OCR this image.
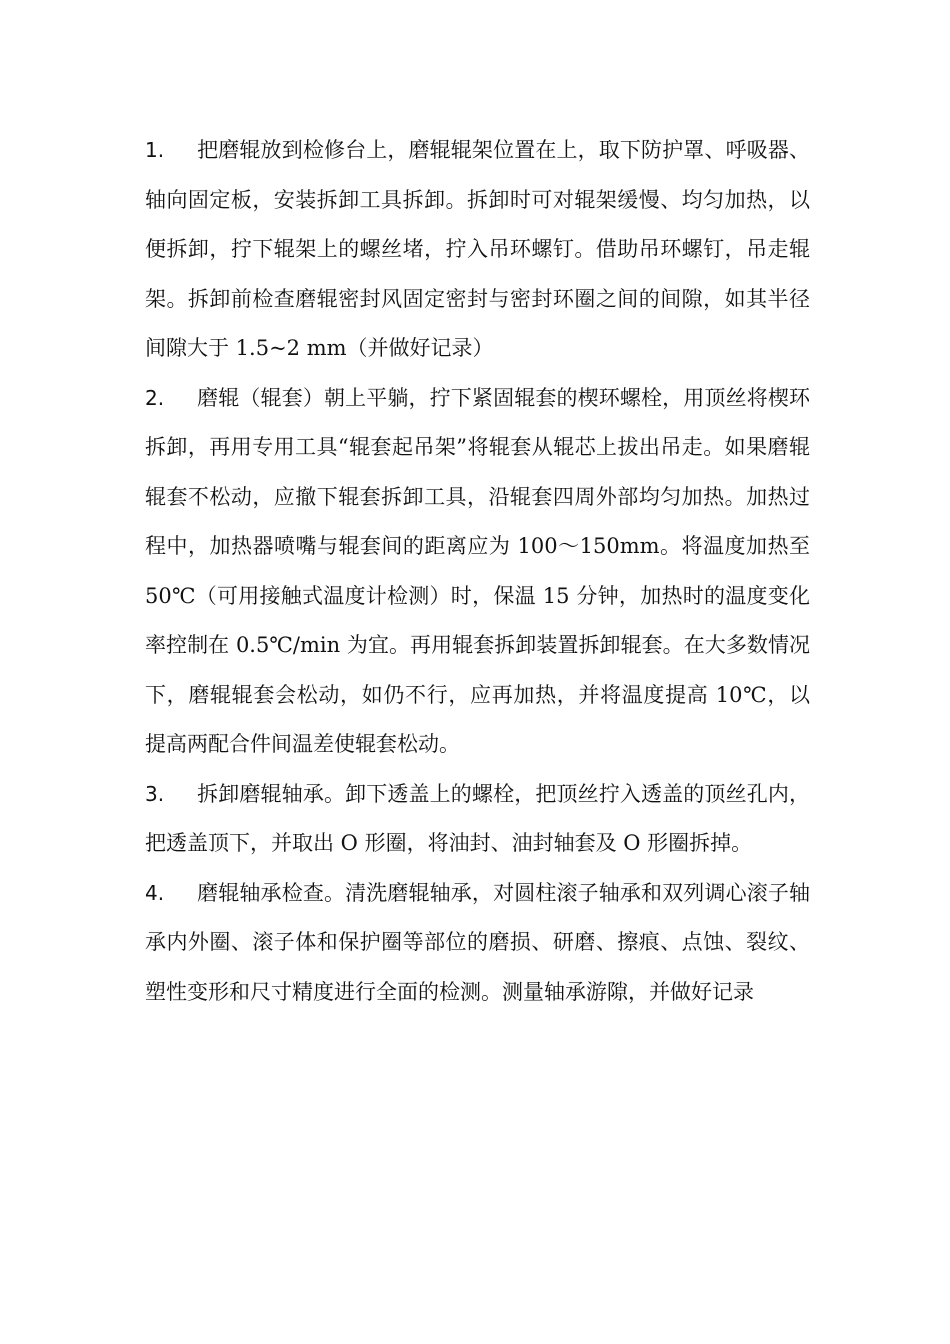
1. 把磨辊放到检修台上，磨辊辊架位置在上，取下防护罩、呼吸器、轴向固定板，安装拆卸工具拆卸。拆卸时可对辊架缓慢、均匀加热，以便拆卸，拧下辊架上的螺丝堵，拧入吊环螺钉。借助吊环螺钉，吊走辊架。拆卸前检查磨辊密封风固定密封与密封环圈之间的间隙，如其半径间隙大于 1.5~2 mm（并做好记录）

2. 磨辊（辊套）朝上平躺，拧下紧固辊套的楔环螺栓，用顶丝将楔环拆卸，再用专用工具“辊套起吊架”将辊套从辊芯上拔出吊走。如果磨辊辊套不松动，应撤下辊套拆卸工具，沿辊套四周外部均匀加热。加热过程中，加热器喷嘴与辊套间的距离应为 100～150mm。将温度加热至 50℃（可用接触式温度计检测）时，保温 15 分钟，加热时的温度变化率控制在 0.5℃/min 为宜。再用辊套拆卸装置拆卸辊套。在大多数情况下，磨辊辊套会松动，如仍不行，应再加热，并将温度提高 10℃，以提高两配合件间温差使辊套松动。

3. 拆卸磨辊轴承。卸下透盖上的螺栓，把顶丝拧入透盖的顶丝孔内，把透盖顶下，并取出 O 形圈，将油封、油封轴套及 O 形圈拆掉。

4. 磨辊轴承检查。清洗磨辊轴承，对圆柱滚子轴承和双列调心滚子轴承内外圈、滚子体和保护圈等部位的磨损、研磨、擦痕、点蚀、裂纹、塑性变形和尺寸精度进行全面的检测。测量轴承游隙，并做好记录
